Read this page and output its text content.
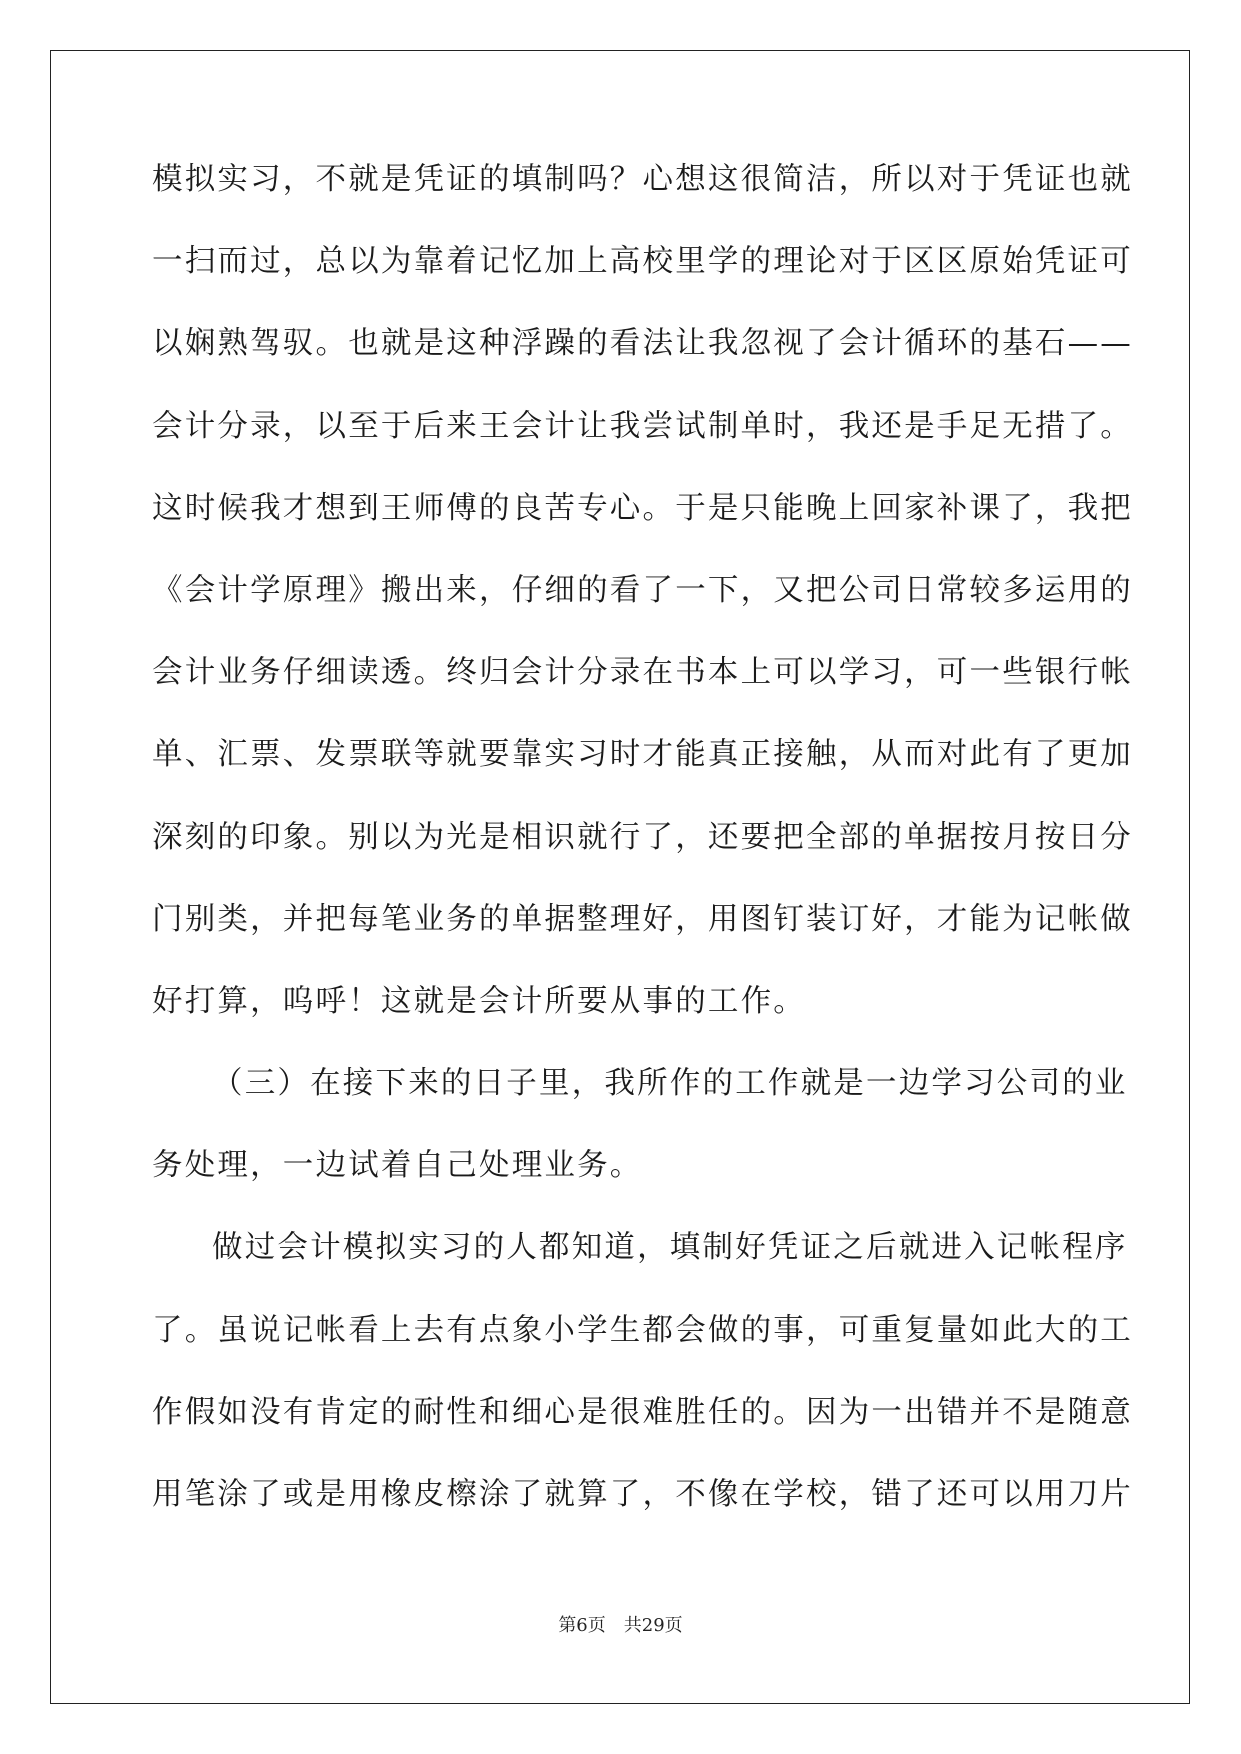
模拟实习，不就是凭证的填制吗？心想这很简洁，所以对于凭证也就
一扫而过，总以为靠着记忆加上高校里学的理论对于区区原始凭证可
以娴熟驾驭。也就是这种浮躁的看法让我忽视了会计循环的基石——
会计分录，以至于后来王会计让我尝试制单时，我还是手足无措了。
这时候我才想到王师傅的良苦专心。于是只能晚上回家补课了，我把
《会计学原理》搬出来，仔细的看了一下，又把公司日常较多运用的
会计业务仔细读透。终归会计分录在书本上可以学习，可一些银行帐
单、汇票、发票联等就要靠实习时才能真正接触，从而对此有了更加
深刻的印象。别以为光是相识就行了，还要把全部的单据按月按日分
门别类，并把每笔业务的单据整理好，用图钉装订好，才能为记帐做
好打算，呜呼！这就是会计所要从事的工作。
（三）在接下来的日子里，我所作的工作就是一边学习公司的业
务处理，一边试着自己处理业务。
做过会计模拟实习的人都知道，填制好凭证之后就进入记帐程序
了。虽说记帐看上去有点象小学生都会做的事，可重复量如此大的工
作假如没有肯定的耐性和细心是很难胜任的。因为一出错并不是随意
用笔涂了或是用橡皮檫涂了就算了，不像在学校，错了还可以用刀片
第6页　共29页
